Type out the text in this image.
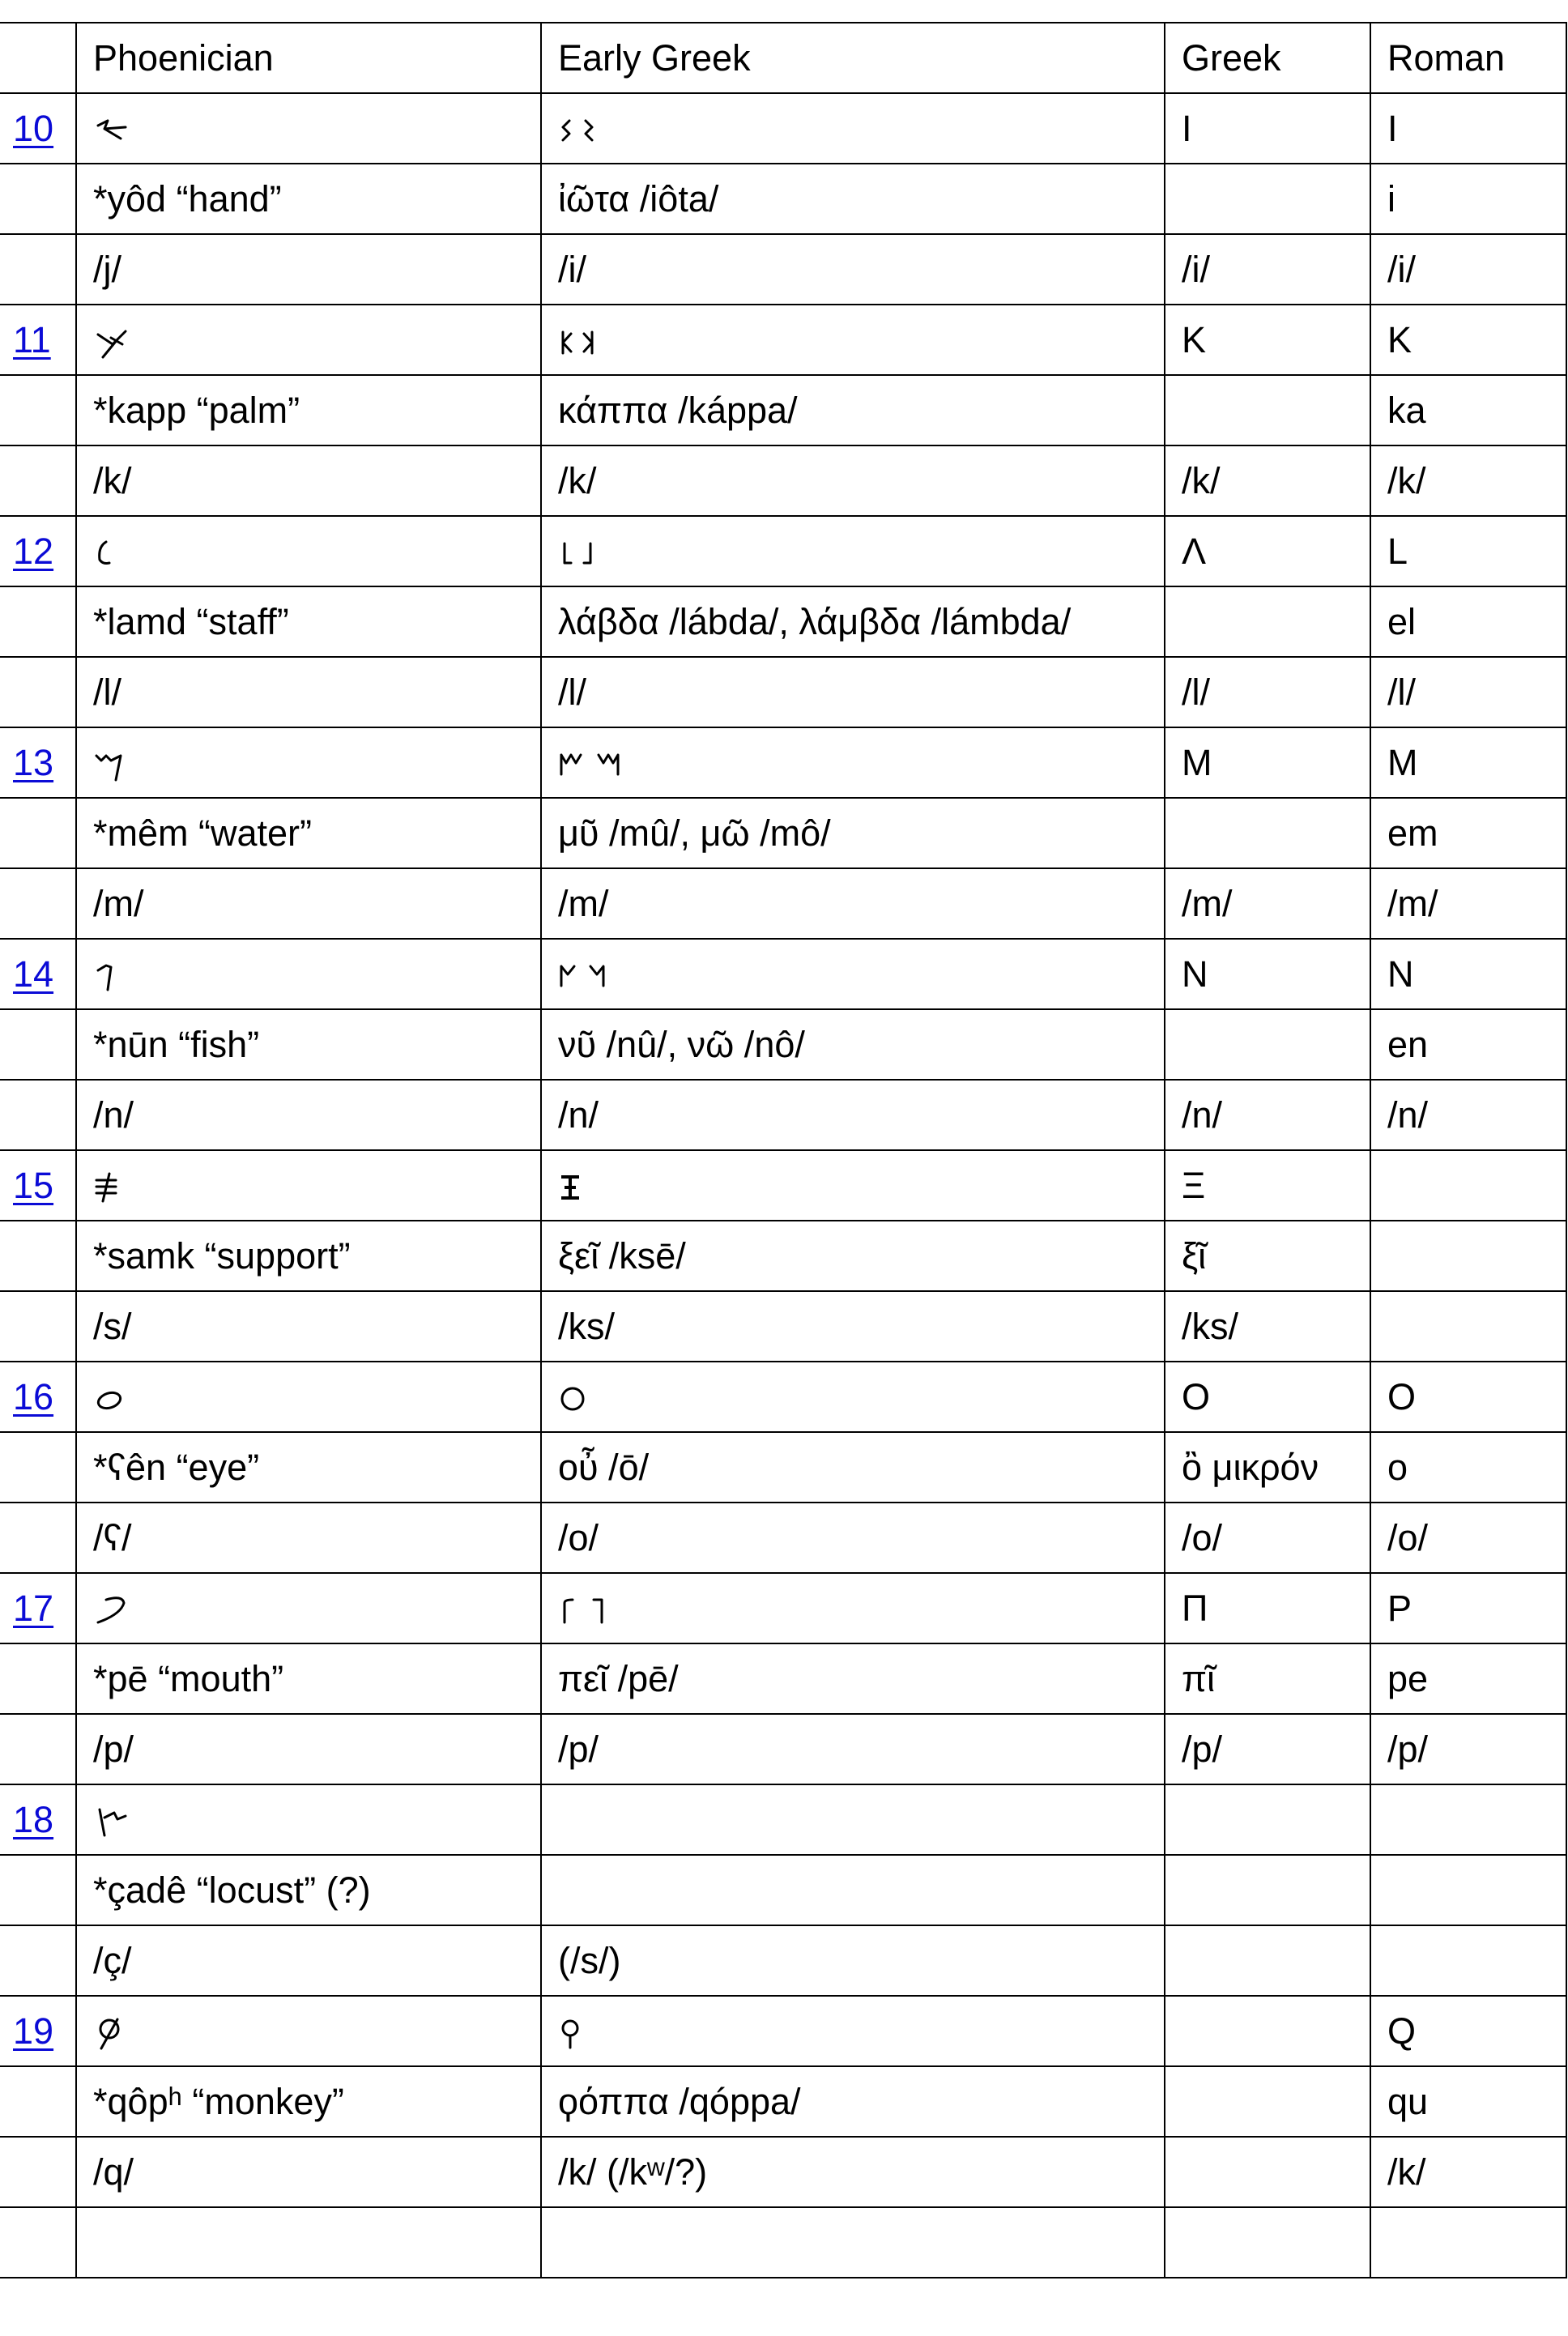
	Phoenician	Early Greek	Greek	Roman
10			I	I
	*yôd “hand”	ἰῶτα /iôta/		i
	/j/	/i/	/i/	/i/
11			K	K
	*kapp “palm”	κάππα /káppa/		ka
	/k/	/k/	/k/	/k/
12			Λ	L
	*lamd “staff”	λάβδα /lábda/, λάμβδα /lámbda/		el
	/l/	/l/	/l/	/l/
13			M	M
	*mêm “water”	μῦ /mû/, μῶ /mô/		em
	/m/	/m/	/m/	/m/
14			N	N
	*nūn “fish”	νῦ /nû/, νῶ /nô/		en
	/n/	/n/	/n/	/n/
15			Ξ	
	*samk “support”	ξεῖ /ksē/	ξῖ	
	/s/	/ks/	/ks/	
16			O	O
	*ʕên “eye”	οὖ /ō/	ὂ μικρόν	o
	/ʕ/	/o/	/o/	/o/
17			Π	P
	*pē “mouth”	πεῖ /pē/	πῖ	pe
	/p/	/p/	/p/	/p/
18				
	*çadê “locust” (?)			
	/ç/	(/s/)		
19				Q
	*qôpʰ “monkey”	ϙόππα /qóppa/		qu
	/q/	/k/ (/kʷ/?)		/k/
